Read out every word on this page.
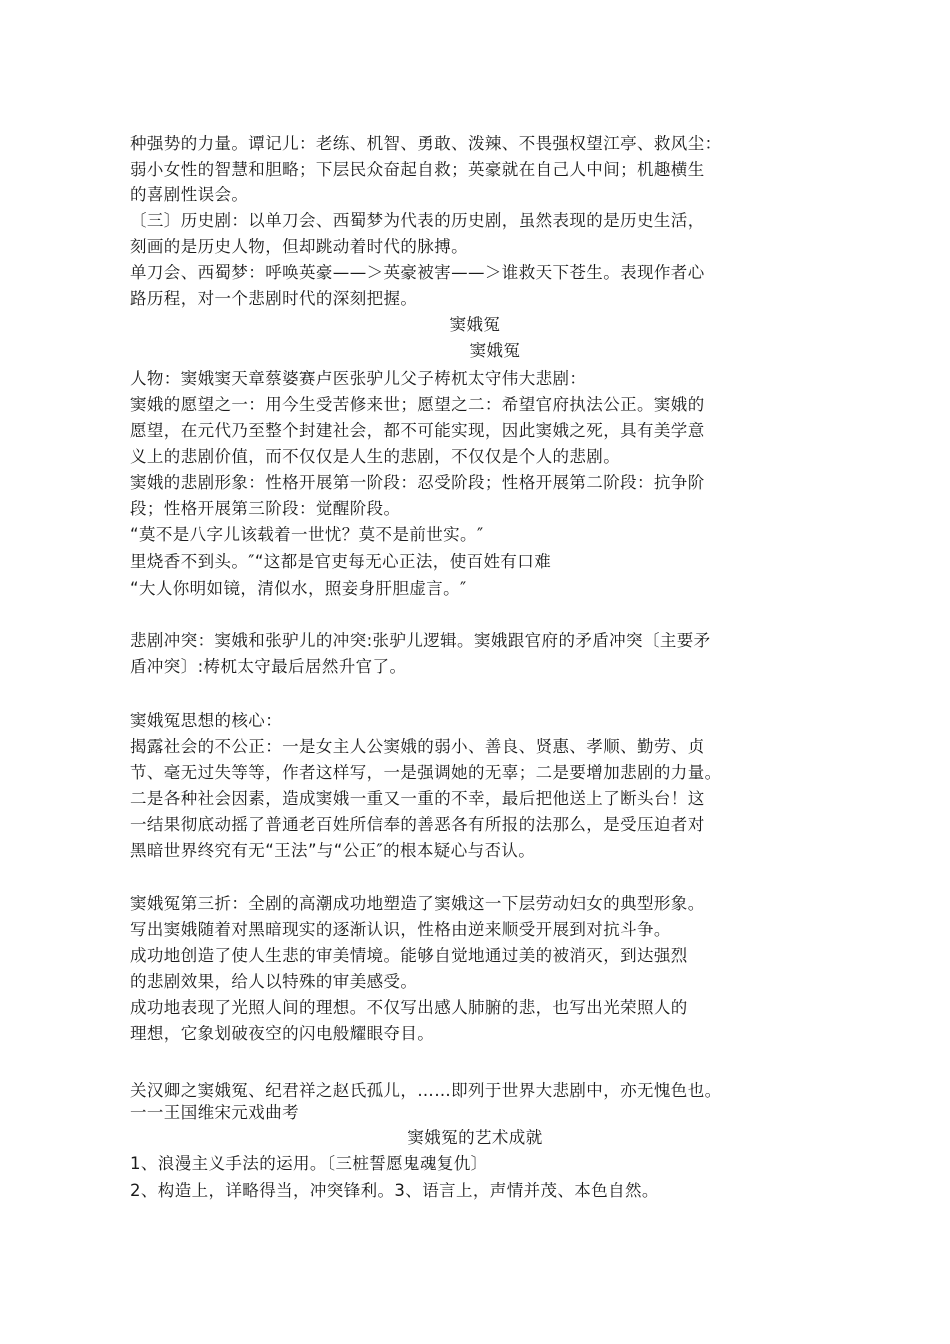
种强势的力量。谭记儿：老练、机智、勇敢、泼辣、不畏强权望江亭、救风尘：
弱小女性的智慧和胆略；下层民众奋起自救；英豪就在自己人中间；机趣横生
的喜剧性误会。
〔三〕历史剧：以单刀会、西蜀梦为代表的历史剧，虽然表现的是历史生活，
刻画的是历史人物，但却跳动着时代的脉搏。
单刀会、西蜀梦：呼唤英豪——＞英豪被害——＞谁救天下苍生。表现作者心
路历程，对一个悲剧时代的深刻把握。
窦娥冤
窦娥冤
人物：窦娥窦天章蔡婆赛卢医张驴儿父子梼杌太守伟大悲剧：
窦娥的愿望之一：用今生受苦修来世；愿望之二：希望官府执法公正。窦娥的
愿望，在元代乃至整个封建社会，都不可能实现，因此窦娥之死，具有美学意
义上的悲剧价值，而不仅仅是人生的悲剧，不仅仅是个人的悲剧。
窦娥的悲剧形象：性格开展第一阶段：忍受阶段；性格开展第二阶段：抗争阶
段；性格开展第三阶段：觉醒阶段。
“莫不是八字儿该载着一世忧？莫不是前世实。″
里烧香不到头。″“这都是官吏每无心正法，使百姓有口难
“大人你明如镜，清似水，照妾身肝胆虚言。″
悲剧冲突：窦娥和张驴儿的冲突:张驴儿逻辑。窦娥跟官府的矛盾冲突〔主要矛
盾冲突〕:梼杌太守最后居然升官了。
窦娥冤思想的核心：
揭露社会的不公正：一是女主人公窦娥的弱小、善良、贤惠、孝顺、勤劳、贞
节、毫无过失等等，作者这样写，一是强调她的无辜；二是要增加悲剧的力量。
二是各种社会因素，造成窦娥一重又一重的不幸，最后把他送上了断头台！这
一结果彻底动摇了普通老百姓所信奉的善恶各有所报的法那么，是受压迫者对
黑暗世界终究有无“王法”与“公正″的根本疑心与否认。
窦娥冤第三折：全剧的高潮成功地塑造了窦娥这一下层劳动妇女的典型形象。
写出窦娥随着对黑暗现实的逐渐认识，性格由逆来顺受开展到对抗斗争。
成功地创造了使人生悲的审美情境。能够自觉地通过美的被消灭，到达强烈
的悲剧效果，给人以特殊的审美感受。
成功地表现了光照人间的理想。不仅写出感人肺腑的悲，也写出光荣照人的
理想，它象划破夜空的闪电般耀眼夺目。
关汉卿之窦娥冤、纪君祥之赵氏孤儿，……即列于世界大悲剧中，亦无愧色也。
一一王国维宋元戏曲考
窦娥冤的艺术成就
1、浪漫主义手法的运用。〔三桩誓愿鬼魂复仇〕
2、构造上，详略得当，冲突锋利。3、语言上，声情并茂、本色自然。
